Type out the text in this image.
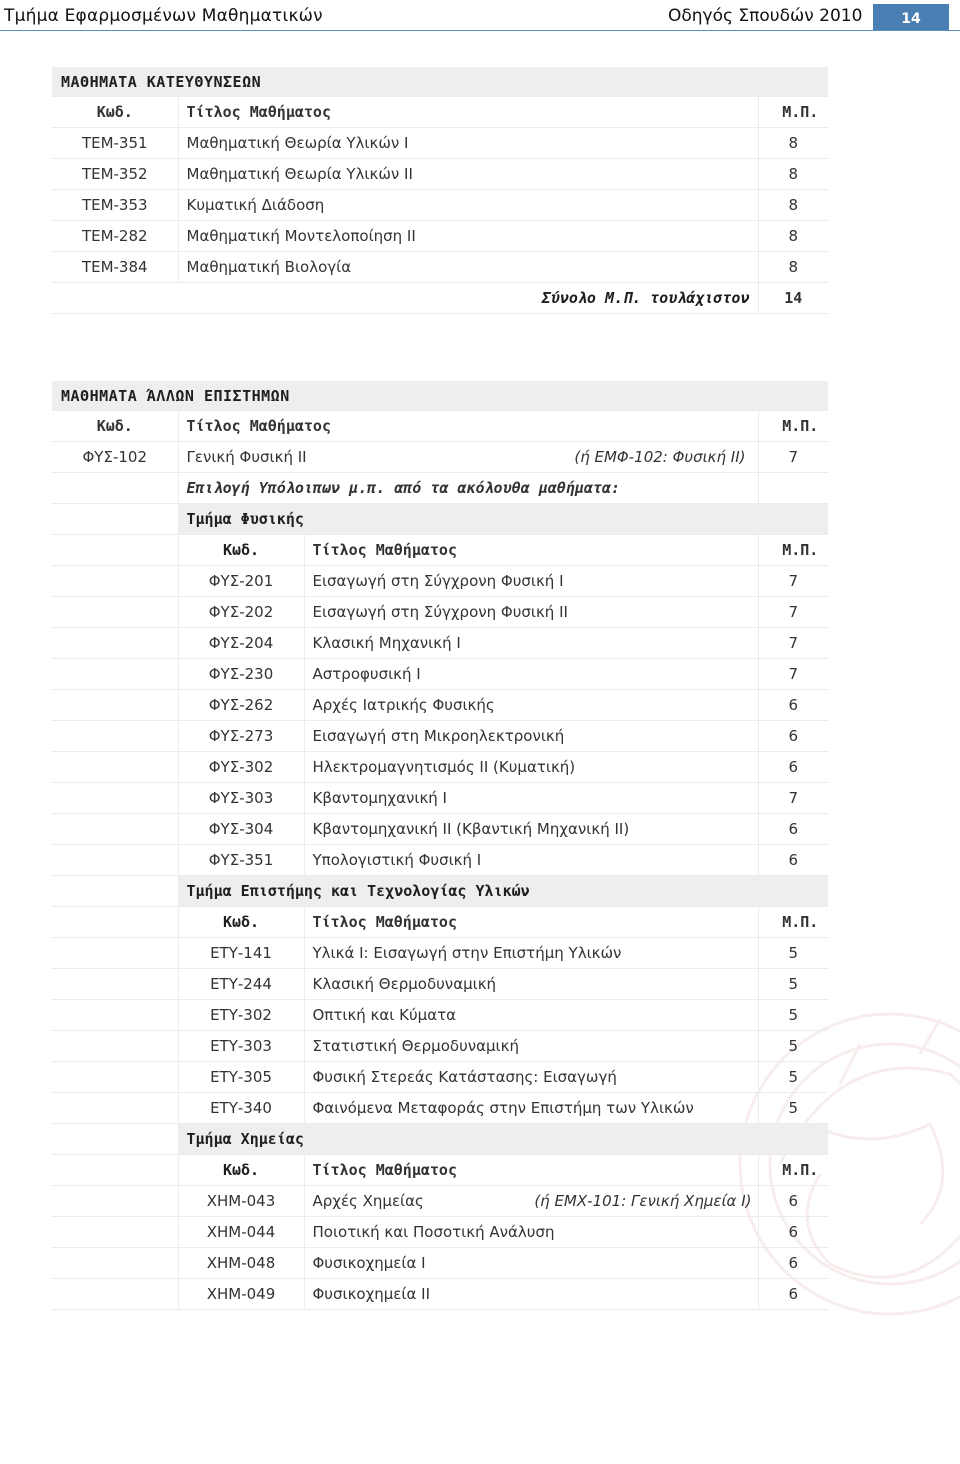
Τμήμα Εφαρμοσμένων Μαθηματικών	Οδηγός Σπουδών 2010	14
ΜΑΘΗΜΑΤΑ ΚΑΤΕΥΘΥΝΣΕΩΝ		
Κωδ.	Τίτλος Μαθήματος	Μ.Π.
ΤΕΜ-351	Μαθηματική Θεωρία Υλικών Ι	8
ΤΕΜ-352	Μαθηματική Θεωρία Υλικών ΙΙ	8
ΤΕΜ-353	Κυματική Διάδοση	8
ΤΕΜ-282	Μαθηματική Μοντελοποίηση ΙΙ	8
ΤΕΜ-384	Μαθηματική Βιολογία	8
Σύνολο Μ.Π. τουλάχιστον		14
ΜΑΘΗΜΑΤΑ ΆΛΛΩΝ ΕΠΙΣΤΗΜΩΝ			
Κωδ.	Τίτλος Μαθήματος		Μ.Π.
ΦΥΣ-102	Γενική Φυσική ΙΙ (ή ΕΜΦ-102: Φυσική ΙΙ)		7
	Επιλογή Υπόλοιπων μ.π. από τα ακόλουθα μαθήματα:		
	Τμήμα Φυσικής		
	Κωδ.	Τίτλος Μαθήματος	Μ.Π.
	ΦΥΣ-201	Εισαγωγή στη Σύγχρονη Φυσική Ι	7
	ΦΥΣ-202	Εισαγωγή στη Σύγχρονη Φυσική ΙΙ	7
	ΦΥΣ-204	Κλασική Μηχανική Ι	7
	ΦΥΣ-230	Αστροφυσική Ι	7
	ΦΥΣ-262	Αρχές Ιατρικής Φυσικής	6
	ΦΥΣ-273	Εισαγωγή στη Μικροηλεκτρονική	6
	ΦΥΣ-302	Ηλεκτρομαγνητισμός ΙΙ (Κυματική)	6
	ΦΥΣ-303	Κβαντομηχανική Ι	7
	ΦΥΣ-304	Κβαντομηχανική ΙΙ (Κβαντική Μηχανική ΙΙ)	6
	ΦΥΣ-351	Υπολογιστική Φυσική Ι	6
	Τμήμα Επιστήμης και Τεχνολογίας Υλικών		
	Κωδ.	Τίτλος Μαθήματος	Μ.Π.
	ΕΤΥ-141	Υλικά Ι: Εισαγωγή στην Επιστήμη Υλικών	5
	ΕΤΥ-244	Κλασική Θερμοδυναμική	5
	ΕΤΥ-302	Οπτική και Κύματα	5
	ΕΤΥ-303	Στατιστική Θερμοδυναμική	5
	ΕΤΥ-305	Φυσική Στερεάς Κατάστασης: Εισαγωγή	5
	ΕΤΥ-340	Φαινόμενα Μεταφοράς στην Επιστήμη των Υλικών	5
	Τμήμα Χημείας		
	Κωδ.	Τίτλος Μαθήματος	Μ.Π.
	ΧΗΜ-043	Αρχές Χημείας (ή ΕΜΧ-101: Γενική Χημεία Ι)	6
	ΧΗΜ-044	Ποιοτική και Ποσοτική Ανάλυση	6
	ΧΗΜ-048	Φυσικοχημεία Ι	6
	ΧΗΜ-049	Φυσικοχημεία ΙΙ	6
